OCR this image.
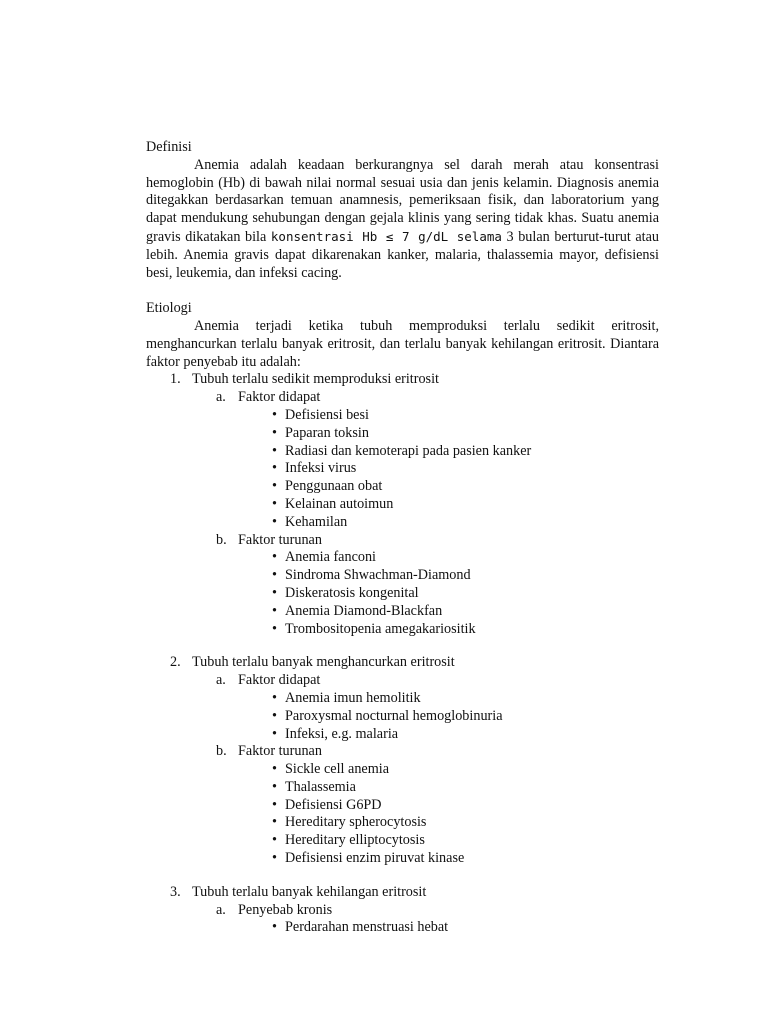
Definisi

Anemia adalah keadaan berkurangnya sel darah merah atau konsentrasi hemoglobin (Hb) di bawah nilai normal sesuai usia dan jenis kelamin. Diagnosis anemia ditegakkan berdasarkan temuan anamnesis, pemeriksaan fisik, dan laboratorium yang dapat mendukung sehubungan dengan gejala klinis yang sering tidak khas. Suatu anemia gravis dikatakan bila konsentrasi Hb ≤ 7 g/dL selama 3 bulan berturut-turut atau lebih. Anemia gravis dapat dikarenakan kanker, malaria, thalassemia mayor, defisiensi besi, leukemia, dan infeksi cacing.

Etiologi

Anemia terjadi ketika tubuh memproduksi terlalu sedikit eritrosit, menghancurkan terlalu banyak eritrosit, dan terlalu banyak kehilangan eritrosit. Diantara faktor penyebab itu adalah:

1. Tubuh terlalu sedikit memproduksi eritrosit
a. Faktor didapat
• Defisiensi besi
• Paparan toksin
• Radiasi dan kemoterapi pada pasien kanker
• Infeksi virus
• Penggunaan obat
• Kelainan autoimun
• Kehamilan
b. Faktor turunan
• Anemia fanconi
• Sindroma Shwachman-Diamond
• Diskeratosis kongenital
• Anemia Diamond-Blackfan
• Trombositopenia amegakariositik
2. Tubuh terlalu banyak menghancurkan eritrosit
a. Faktor didapat
• Anemia imun hemolitik
• Paroxysmal nocturnal hemoglobinuria
• Infeksi, e.g. malaria
b. Faktor turunan
• Sickle cell anemia
• Thalassemia
• Defisiensi G6PD
• Hereditary spherocytosis
• Hereditary elliptocytosis
• Defisiensi enzim piruvat kinase
3. Tubuh terlalu banyak kehilangan eritrosit
a. Penyebab kronis
• Perdarahan menstruasi hebat
